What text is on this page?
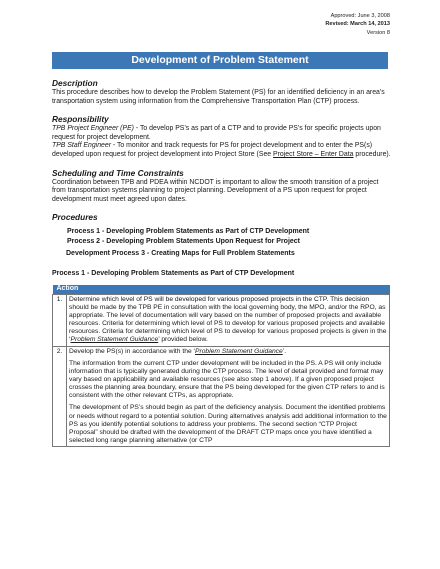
Approved: June 3, 2008
Revised: March 14, 2013
Version 8
Development of Problem Statement
Description

This procedure describes how to develop the Problem Statement (PS) for an identified deficiency in an area’s transportation system using information from the Comprehensive Transportation Plan (CTP) process.

Responsibility

TPB Project Engineer (PE) - To develop PS’s as part of a CTP and to provide PS’s for specific projects upon request for project development.

TPB Staff Engineer - To monitor and track requests for PS for project development and to enter the PS(s) developed upon request for project development into Project Store (See Project Store – Enter Data procedure).

Scheduling and Time Constraints

Coordination between TPB and PDEA within NCDOT is important to allow the smooth transition of a project from transportation systems planning to project planning. Development of a PS upon request for project development must meet agreed upon dates.

Procedures
Process 1 - Developing Problem Statements as Part of CTP Development
Process 2 - Developing Problem Statements Upon Request for Project
Development Process 3 - Creating Maps for Full Problem Statements
Process 1 - Developing Problem Statements as Part of CTP Development
Action	
1.	Determine which level of PS will be developed for various proposed projects in the CTP. This decision should be made by the TPB PE in consultation with the local governing body, the MPO, and/or the RPO, as appropriate. The level of documentation will vary based on the number of proposed projects and available resources. Criteria for determining which level of PS to develop for various proposed projects and available resources. Criteria for determining which level of PS to develop for various proposed projects is given in the ‘Problem Statement Guidance’ provided below.
2.	Develop the PS(s) in accordance with the ‘Problem Statement Guidance’.
The information from the current CTP under development will be included in the PS. A PS will only include information that is typically generated during the CTP process. The level of detail provided and format may vary based on applicability and available resources (see also step 1 above). If a given proposed project crosses the planning area boundary, ensure that the PS being developed for the given CTP refers to and is consistent with the other relevant CTPs, as appropriate.
The development of PS’s should begin as part of the deficiency analysis. Document the identified problems or needs without regard to a potential solution. During alternatives analysis add additional information to the PS as you identify potential solutions to address your problems. The second section “CTP Project Proposal” should be drafted with the development of the DRAFT CTP maps once you have identified a selected long range planning alternative (or CTP
